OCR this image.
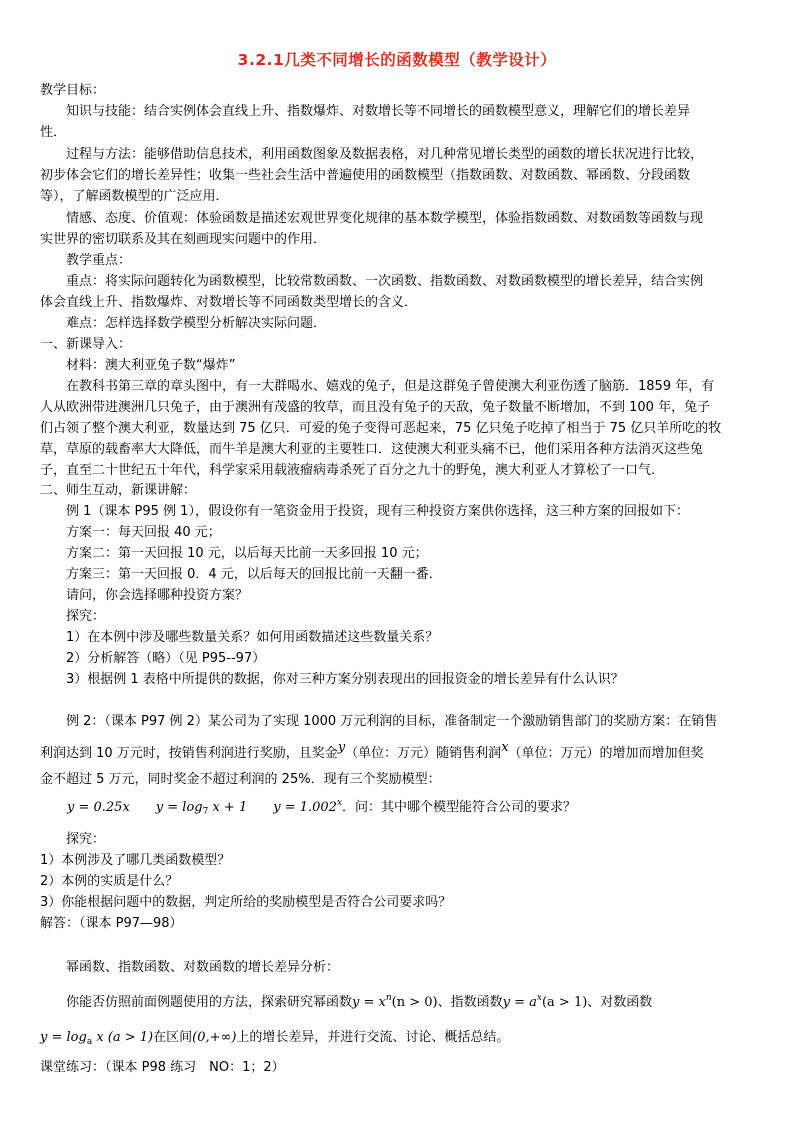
3.2.1几类不同增长的函数模型（教学设计）
教学目标：
知识与技能：结合实例体会直线上升、指数爆炸、对数增长等不同增长的函数模型意义，理解它们的增长差异
性．
过程与方法：能够借助信息技术，利用函数图象及数据表格，对几种常见增长类型的函数的增长状况进行比较，
初步体会它们的增长差异性；收集一些社会生活中普遍使用的函数模型（指数函数、对数函数、幂函数、分段函数
等），了解函数模型的广泛应用．
情感、态度、价值观：体验函数是描述宏观世界变化规律的基本数学模型，体验指数函数、对数函数等函数与现
实世界的密切联系及其在刻画现实问题中的作用．
教学重点：
重点：将实际问题转化为函数模型，比较常数函数、一次函数、指数函数、对数函数模型的增长差异，结合实例
体会直线上升、指数爆炸、对数增长等不同函数类型增长的含义．
难点：怎样选择数学模型分析解决实际问题．
一、新课导入：
材料：澳大利亚兔子数“爆炸”
在教科书第三章的章头图中，有一大群喝水、嬉戏的兔子，但是这群兔子曾使澳大利亚伤透了脑筋．1859 年，有
人从欧洲带进澳洲几只兔子，由于澳洲有茂盛的牧草，而且没有兔子的天敌，兔子数量不断增加，不到 100 年，兔子
们占领了整个澳大利亚，数量达到 75 亿只．可爱的兔子变得可恶起来，75 亿只兔子吃掉了相当于 75 亿只羊所吃的牧
草，草原的载畜率大大降低，而牛羊是澳大利亚的主要牲口．这使澳大利亚头痛不已，他们采用各种方法消灭这些兔
子，直至二十世纪五十年代，科学家采用载液瘤病毒杀死了百分之九十的野兔，澳大利亚人才算松了一口气．
二、师生互动，新课讲解：
例 1（课本 P95 例 1），假设你有一笔资金用于投资，现有三种投资方案供你选择，这三种方案的回报如下：
方案一：每天回报 40 元；
方案二：第一天回报 10 元，以后每天比前一天多回报 10 元；
方案三：第一天回报 0．4 元，以后每天的回报比前一天翻一番．
请问，你会选择哪种投资方案？
探究：
1）在本例中涉及哪些数量关系？如何用函数描述这些数量关系？
2）分析解答（略）（见 P95--97）
3）根据例 1 表格中所提供的数据，你对三种方案分别表现出的回报资金的增长差异有什么认识？
例 2：（课本 P97 例 2）某公司为了实现 1000 万元利润的目标，准备制定一个激励销售部门的奖励方案：在销售
利润达到 10 万元时，按销售利润进行奖励，且奖金$^y$（单位：万元）随销售利润$^x$（单位：万元）的增加而增加但奖
金不超过 5 万元，同时奖金不超过利润的 25%．现有三个奖励模型：
y = 0.25x $y = \log_7 x + 1$ $y = 1.002^x$．问：其中哪个模型能符合公司的要求？
探究：
1）本例涉及了哪几类函数模型？
2）本例的实质是什么？
3）你能根据问题中的数据，判定所给的奖励模型是否符合公司要求吗？
解答：（课本 P97—98）
幂函数、指数函数、对数函数的增长差异分析：
你能否仿照前面例题使用的方法，探索研究幂函数$y = x^n(n > 0)$、指数函数$y = a^x(a > 1)$、对数函数
$y = \log_a x$ (a > 1)在区间(0,+∞)上的增长差异，并进行交流、讨论、概括总结。
课堂练习：（课本 P98 练习　NO：1；2）
